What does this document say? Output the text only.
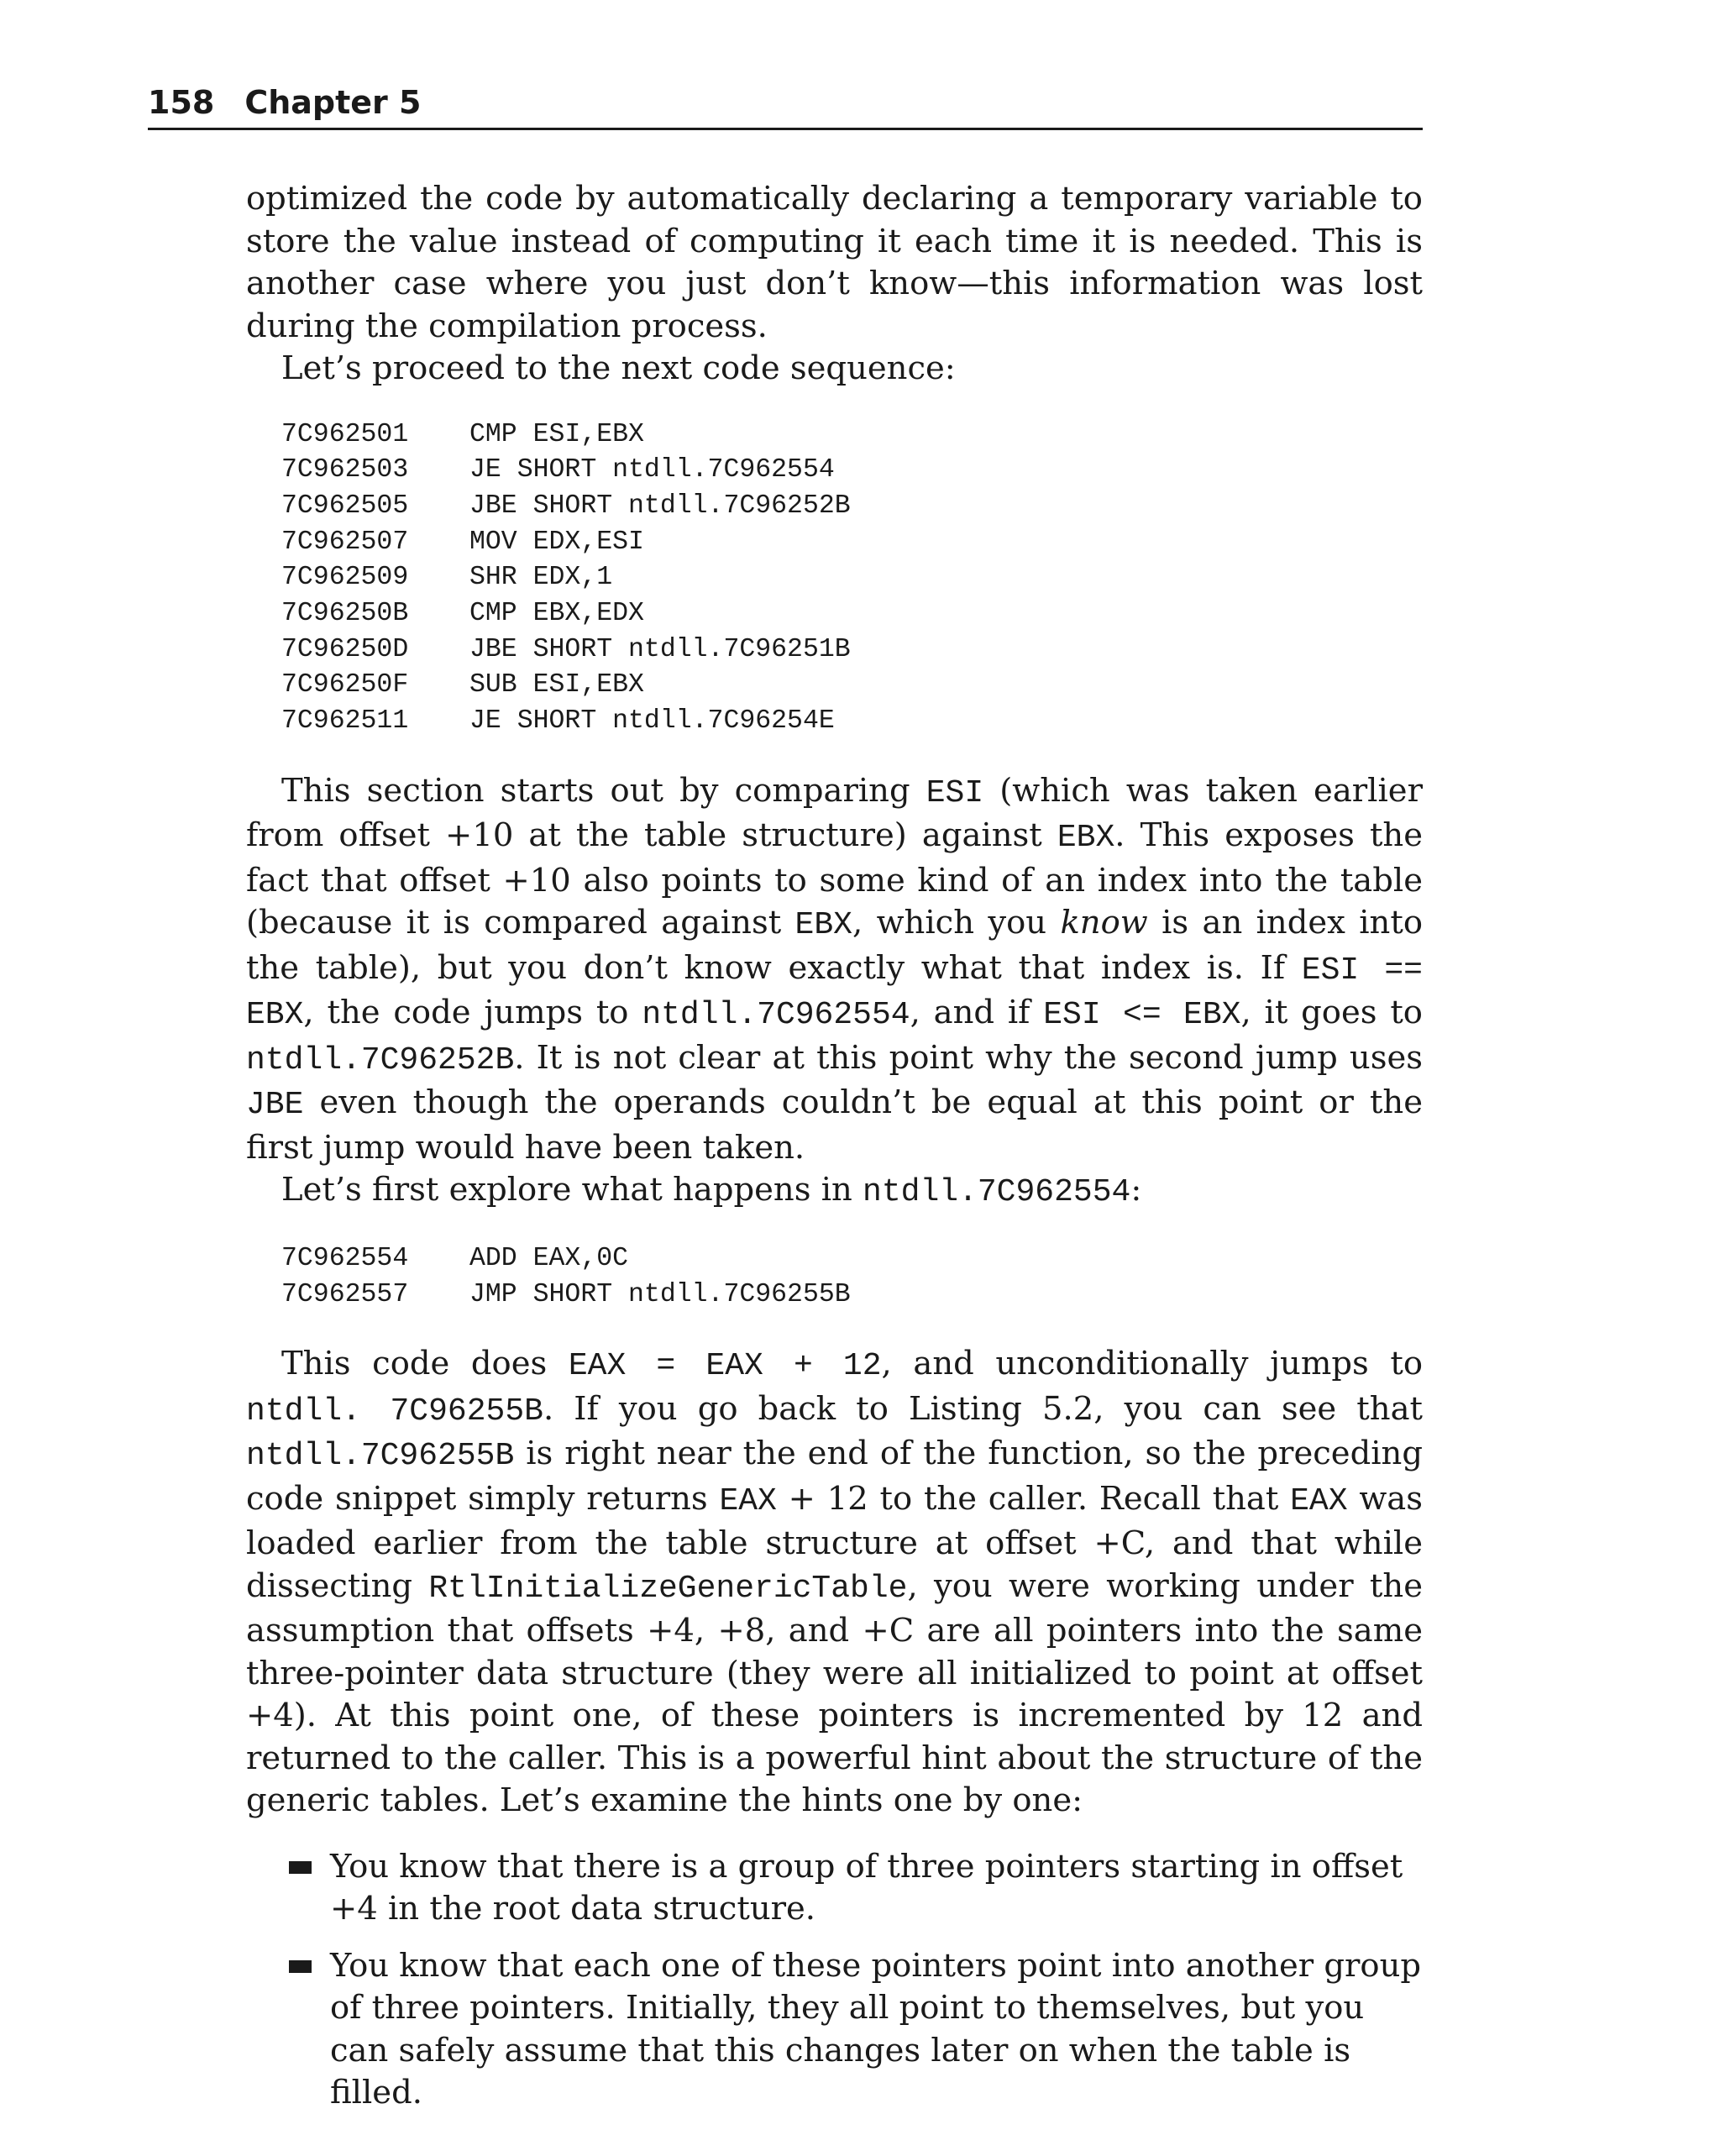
158 Chapter 5

optimized the code by automatically declaring a temporary variable to store the value instead of computing it each time it is needed. This is another case where you just don’t know—this information was lost during the compilation process.

Let’s proceed to the next code sequence:

7C962501	CMP ESI,EBX
7C962503	JE SHORT ntdll.7C962554
7C962505	JBE SHORT ntdll.7C96252B
7C962507	MOV EDX,ESI
7C962509	SHR EDX,1
7C96250B	CMP EBX,EDX
7C96250D	JBE SHORT ntdll.7C96251B
7C96250F	SUB ESI,EBX
7C962511	JE SHORT ntdll.7C96254E

This section starts out by comparing ESI (which was taken earlier from offset +10 at the table structure) against EBX. This exposes the fact that offset +10 also points to some kind of an index into the table (because it is compared against EBX, which you know is an index into the table), but you don’t know exactly what that index is. If ESI == EBX, the code jumps to ntdll.7C962554, and if ESI <= EBX, it goes to ntdll.7C96252B. It is not clear at this point why the second jump uses JBE even though the operands couldn’t be equal at this point or the first jump would have been taken.

Let’s first explore what happens in ntdll.7C962554:

7C962554	ADD EAX,0C
7C962557	JMP SHORT ntdll.7C96255B

This code does EAX = EAX + 12, and unconditionally jumps to ntdll. 7C96255B. If you go back to Listing 5.2, you can see that ntdll.7C96255B is right near the end of the function, so the preceding code snippet simply returns EAX + 12 to the caller. Recall that EAX was loaded earlier from the table structure at offset +C, and that while dissecting RtlInitializeGenericTable, you were working under the assumption that offsets +4, +8, and +C are all pointers into the same three-pointer data structure (they were all initialized to point at offset +4). At this point one, of these pointers is incremented by 12 and returned to the caller. This is a powerful hint about the structure of the generic tables. Let’s examine the hints one by one:

You know that there is a group of three pointers starting in offset +4 in the root data structure.
You know that each one of these pointers point into another group of three pointers. Initially, they all point to themselves, but you can safely assume that this changes later on when the table is filled.
